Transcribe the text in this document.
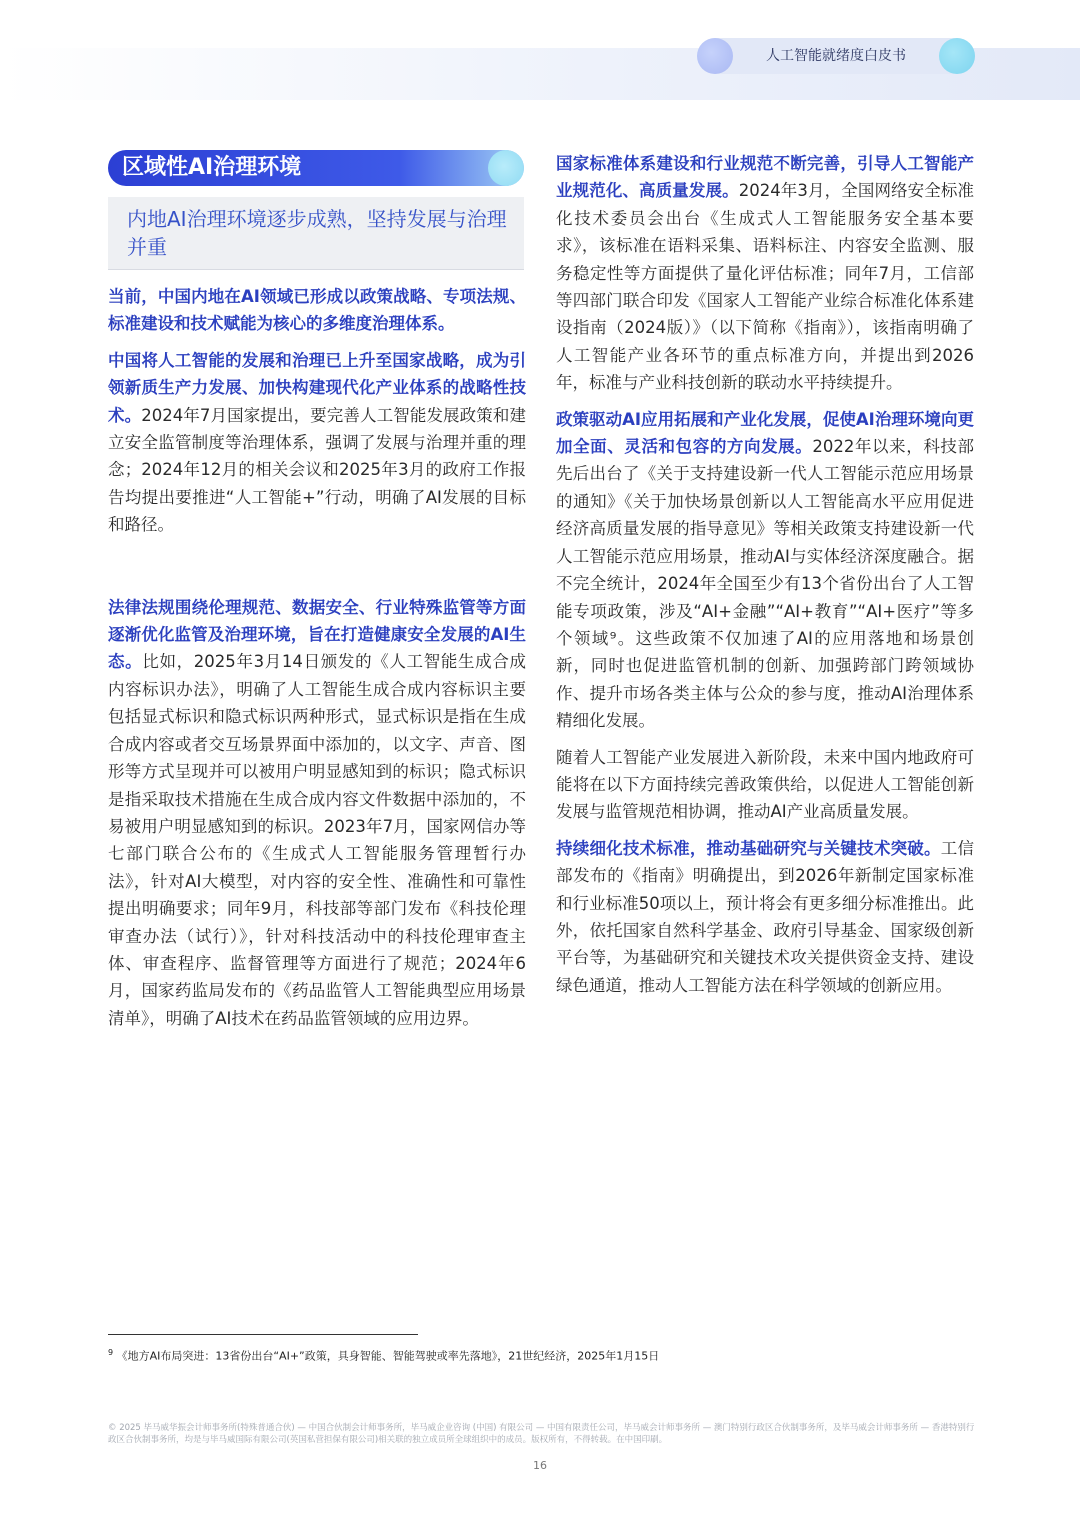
人工智能就绪度白皮书
区域性AI治理环境
内地AI治理环境逐步成熟，坚持发展与治理并重

当前，中国内地在AI领域已形成以政策战略、专项法规、标准建设和技术赋能为核心的多维度治理体系。

中国将人工智能的发展和治理已上升至国家战略，成为引领新质生产力发展、加快构建现代化产业体系的战略性技术。2024年7月国家提出，要完善人工智能发展政策和建立安全监管制度等治理体系，强调了发展与治理并重的理念；2024年12月的相关会议和2025年3月的政府工作报告均提出要推进“人工智能+”行动，明确了AI发展的目标和路径。

法律法规围绕伦理规范、数据安全、行业特殊监管等方面逐渐优化监管及治理环境，旨在打造健康安全发展的AI生态。比如，2025年3月14日颁发的《人工智能生成合成内容标识办法》，明确了人工智能生成合成内容标识主要包括显式标识和隐式标识两种形式，显式标识是指在生成合成内容或者交互场景界面中添加的，以文字、声音、图形等方式呈现并可以被用户明显感知到的标识；隐式标识是指采取技术措施在生成合成内容文件数据中添加的，不易被用户明显感知到的标识。2023年7月，国家网信办等七部门联合公布的《生成式人工智能服务管理暂行办法》，针对AI大模型，对内容的安全性、准确性和可靠性提出明确要求；同年9月，科技部等部门发布《科技伦理审查办法（试行）》，针对科技活动中的科技伦理审查主体、审查程序、监督管理等方面进行了规范；2024年6月，国家药监局发布的《药品监管人工智能典型应用场景清单》，明确了AI技术在药品监管领域的应用边界。

国家标准体系建设和行业规范不断完善，引导人工智能产业规范化、高质量发展。2024年3月，全国网络安全标准化技术委员会出台《生成式人工智能服务安全基本要求》，该标准在语料采集、语料标注、内容安全监测、服务稳定性等方面提供了量化评估标准；同年7月，工信部等四部门联合印发《国家人工智能产业综合标准化体系建设指南（2024版）》（以下简称《指南》），该指南明确了人工智能产业各环节的重点标准方向，并提出到2026年，标准与产业科技创新的联动水平持续提升。

政策驱动AI应用拓展和产业化发展，促使AI治理环境向更加全面、灵活和包容的方向发展。2022年以来，科技部先后出台了《关于支持建设新一代人工智能示范应用场景的通知》《关于加快场景创新以人工智能高水平应用促进经济高质量发展的指导意见》等相关政策支持建设新一代人工智能示范应用场景，推动AI与实体经济深度融合。据不完全统计，2024年全国至少有13个省份出台了人工智能专项政策，涉及“AI+金融”“AI+教育”“AI+医疗”等多个领域⁹。这些政策不仅加速了AI的应用落地和场景创新，同时也促进监管机制的创新、加强跨部门跨领域协作、提升市场各类主体与公众的参与度，推动AI治理体系精细化发展。

随着人工智能产业发展进入新阶段，未来中国内地政府可能将在以下方面持续完善政策供给，以促进人工智能创新发展与监管规范相协调，推动AI产业高质量发展。

持续细化技术标准，推动基础研究与关键技术突破。工信部发布的《指南》明确提出，到2026年新制定国家标准和行业标准50项以上，预计将会有更多细分标准推出。此外，依托国家自然科学基金、政府引导基金、国家级创新平台等，为基础研究和关键技术攻关提供资金支持、建设绿色通道，推动人工智能方法在科学领域的创新应用。

$^9$ 《地方AI布局突进：13省份出台“AI+”政策，具身智能、智能驾驶或率先落地》，21世纪经济，2025年1月15日
© 2025 毕马威华振会计师事务所(特殊普通合伙) — 中国合伙制会计师事务所，毕马威企业咨询 (中国) 有限公司 — 中国有限责任公司，毕马威会计师事务所 — 澳门特别行政区合伙制事务所，及毕马威会计师事务所 — 香港特别行政区合伙制事务所，均是与毕马威国际有限公司(英国私营担保有限公司)相关联的独立成员所全球组织中的成员。版权所有，不得转载。在中国印刷。
16
